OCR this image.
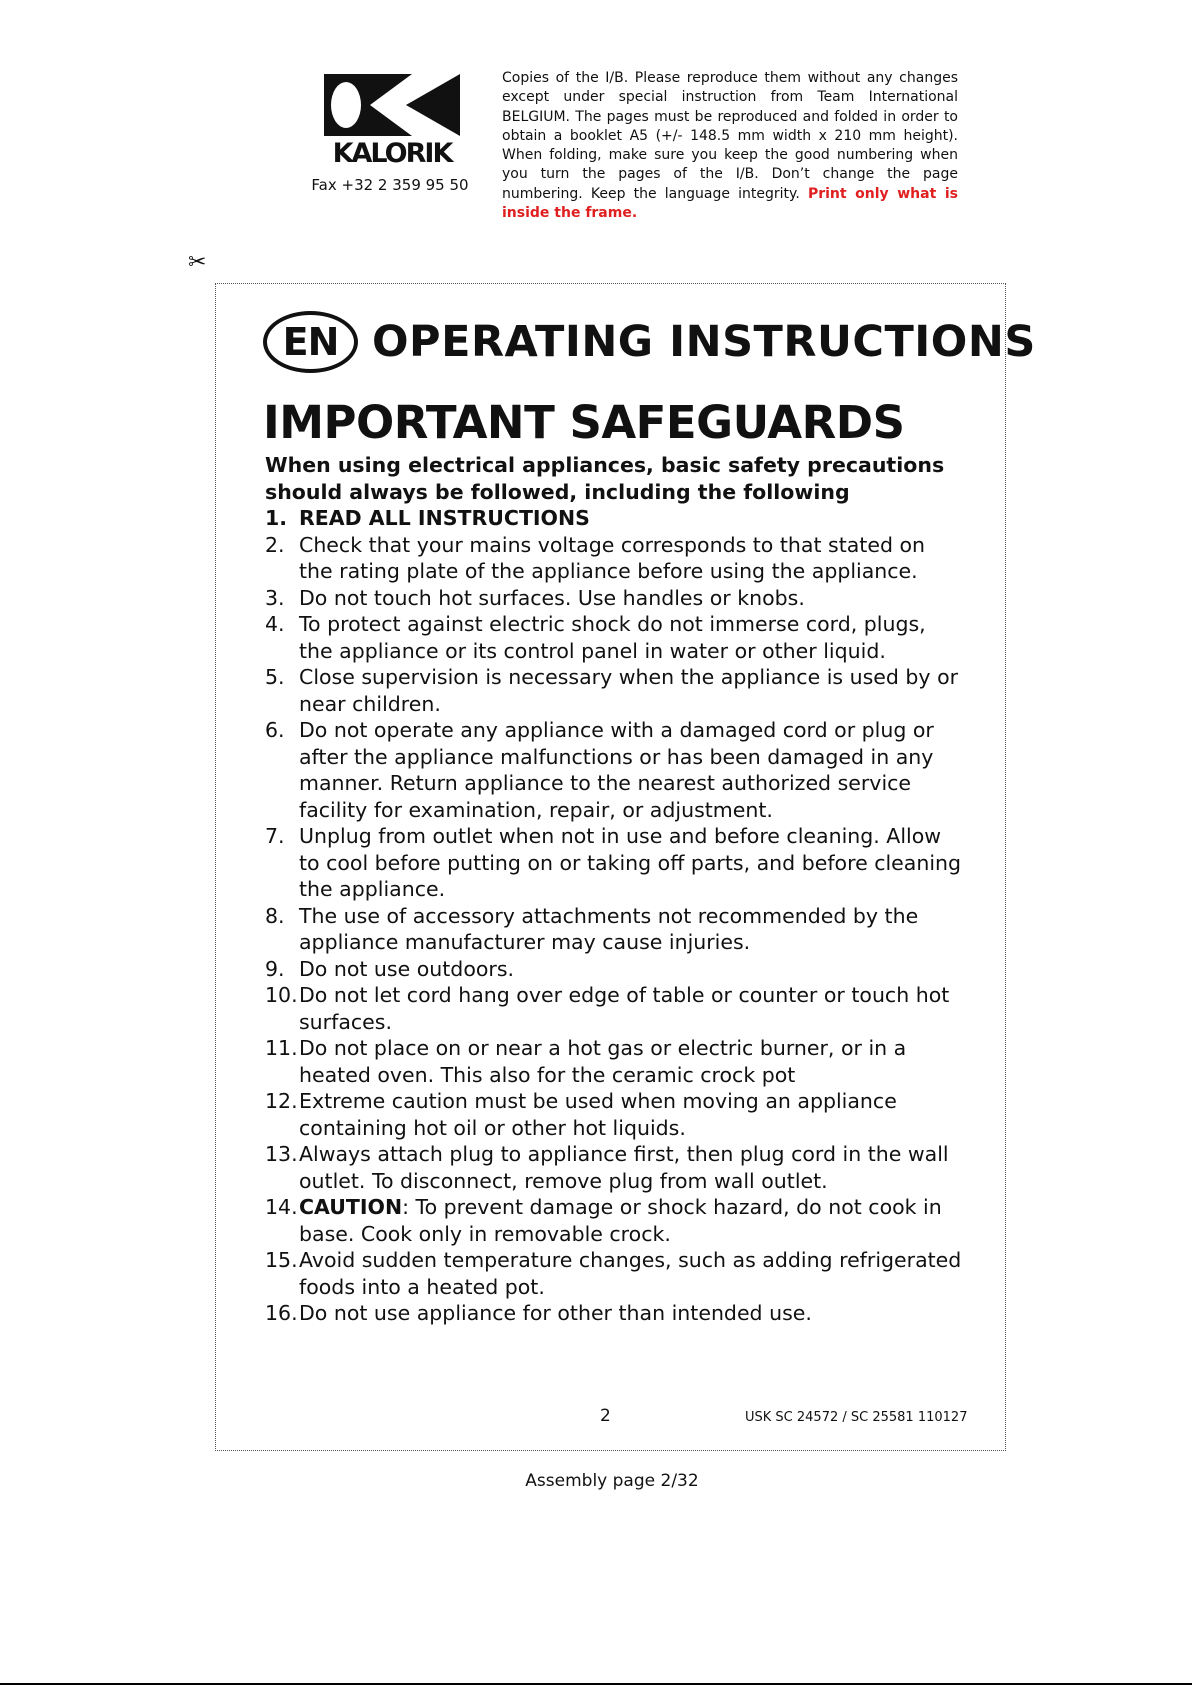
KALORIK
Fax +32 2 359 95 50
Copies of the I/B. Please reproduce them without any changes except under special instruction from Team International BELGIUM. The pages must be reproduced and folded in order to obtain a booklet A5 (+/- 148.5 mm width x 210 mm height). When folding, make sure you keep the good numbering when you turn the pages of the I/B. Don’t change the page numbering. Keep the language integrity. Print only what is inside the frame.
✂
EN OPERATING INSTRUCTIONS
IMPORTANT SAFEGUARDS
When using electrical appliances, basic safety precautions should always be followed, including the following
1. READ ALL INSTRUCTIONS
2. Check that your mains voltage corresponds to that stated on the rating plate of the appliance before using the appliance.
3. Do not touch hot surfaces. Use handles or knobs.
4. To protect against electric shock do not immerse cord, plugs, the appliance or its control panel in water or other liquid.
5. Close supervision is necessary when the appliance is used by or near children.
6. Do not operate any appliance with a damaged cord or plug or after the appliance malfunctions or has been damaged in any manner. Return appliance to the nearest authorized service facility for examination, repair, or adjustment.
7. Unplug from outlet when not in use and before cleaning. Allow to cool before putting on or taking off parts, and before cleaning the appliance.
8. The use of accessory attachments not recommended by the appliance manufacturer may cause injuries.
9. Do not use outdoors.
10. Do not let cord hang over edge of table or counter or touch hot surfaces.
11. Do not place on or near a hot gas or electric burner, or in a heated oven. This also for the ceramic crock pot
12. Extreme caution must be used when moving an appliance containing hot oil or other hot liquids.
13. Always attach plug to appliance first, then plug cord in the wall outlet. To disconnect, remove plug from wall outlet.
14. CAUTION: To prevent damage or shock hazard, do not cook in base. Cook only in removable crock.
15. Avoid sudden temperature changes, such as adding refrigerated foods into a heated pot.
16. Do not use appliance for other than intended use.
2	USK SC 24572 / SC 25581 110127
Assembly page 2/32
